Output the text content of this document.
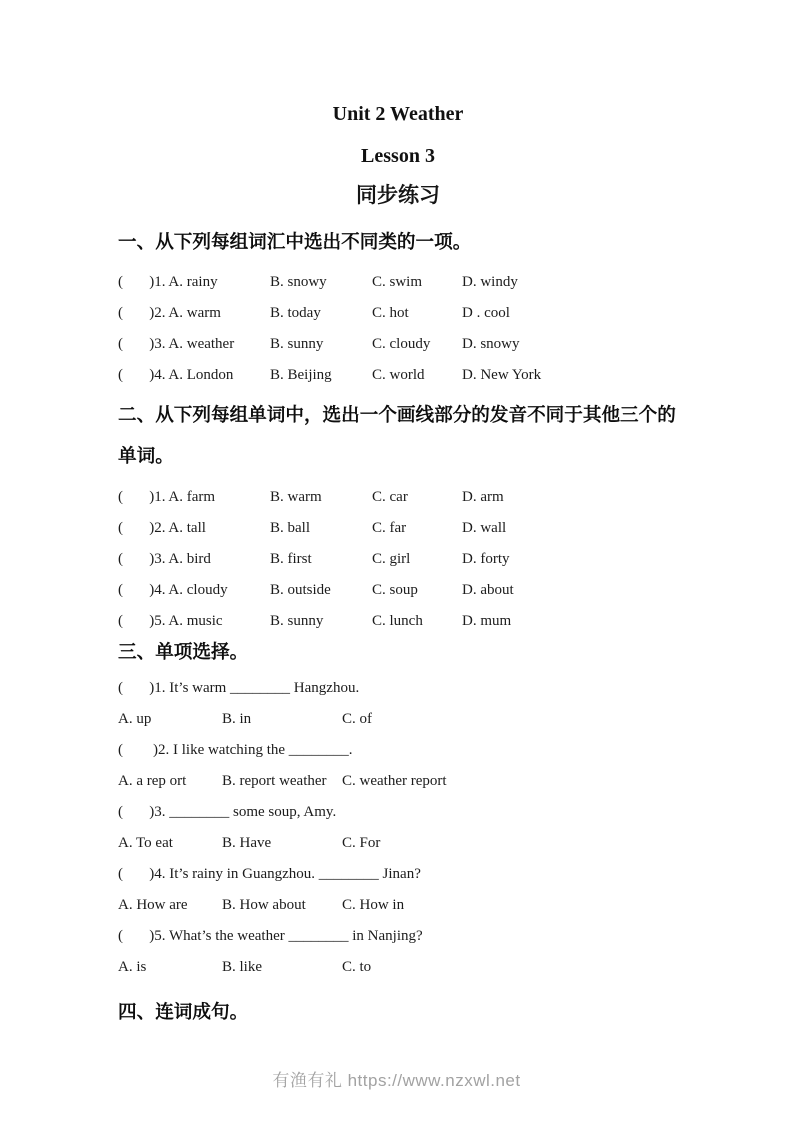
Unit 2 Weather
Lesson 3
同步练习
一、从下列每组词汇中选出不同类的一项。
(       )1. A. rainy	B. snowy	C. swim	D. windy
(       )2. A. warm	B. today	C. hot	D . cool
(       )3. A. weather	B. sunny	C. cloudy	D. snowy
(       )4. A. London	B. Beijing	C. world	D. New York
二、从下列每组单词中，选出一个画线部分的发音不同于其他三个的单词。
(       )1. A. farm	B. warm	C. car	D. arm
(       )2. A. tall	B. ball	C. far	D. wall
(       )3. A. bird	B. first	C. girl	D. forty
(       )4. A. cloudy	B. outside	C. soup	D. about
(       )5. A. music	B. sunny	C. lunch	D. mum
三、单项选择。
(       )1. It’s warm ________ Hangzhou.
A. up	B. in	C. of
(        )2. I like watching the ________.
A. a rep ort	B. report weather	C. weather report
(       )3. ________ some soup, Amy.
A. To eat	B. Have	C. For
(       )4. It’s rainy in Guangzhou. ________ Jinan?
A. How are	B. How about	C. How in
(       )5. What’s the weather ________ in Nanjing?
A. is	B. like	C. to
四、连词成句。
有渔有礼 https://www.nzxwl.net
